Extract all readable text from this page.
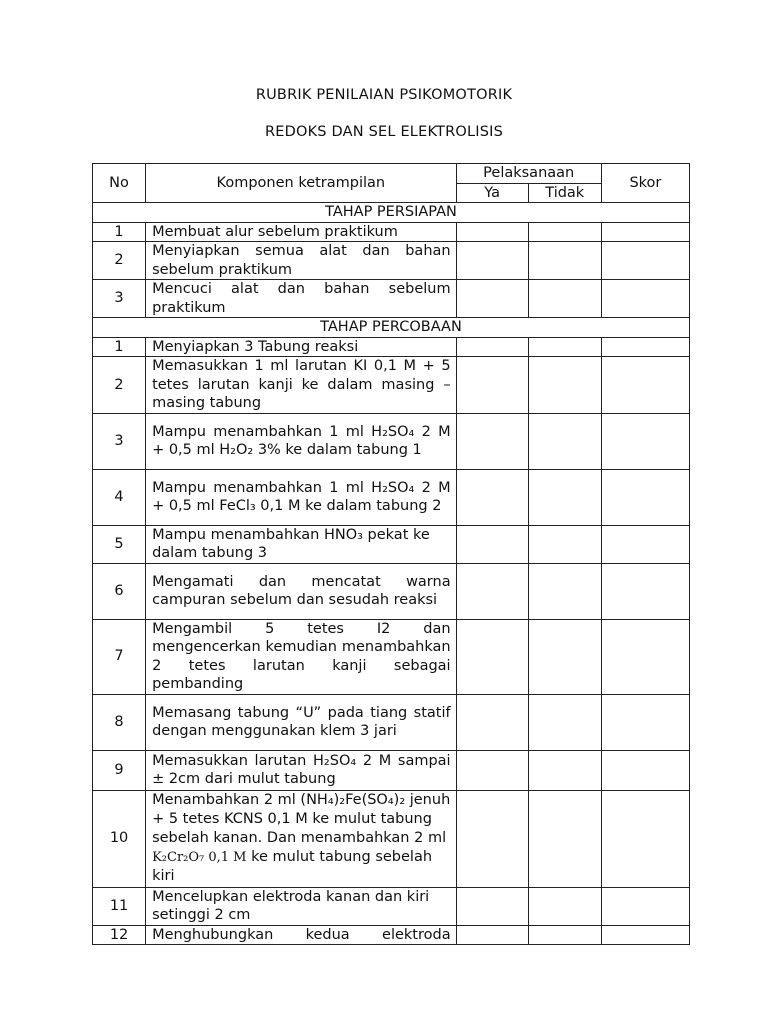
RUBRIK PENILAIAN PSIKOMOTORIK
REDOKS DAN SEL ELEKTROLISIS
No	Komponen ketrampilan	Pelaksanaan		Skor
		Ya	Tidak	
TAHAP PERSIAPAN				
1	Membuat alur sebelum praktikum			
2	Menyiapkan semua alat dan bahan sebelum praktikum			
3	Mencuci alat dan bahan sebelum praktikum			
TAHAP PERCOBAAN				
1	Menyiapkan 3 Tabung reaksi			
2	Memasukkan 1 ml larutan KI 0,1 M + 5 tetes larutan kanji ke dalam masing – masing tabung			
3	Mampu menambahkan 1 ml H₂SO₄ 2 M + 0,5 ml H₂O₂ 3% ke dalam tabung 1			
4	Mampu menambahkan 1 ml H₂SO₄ 2 M + 0,5 ml FeCl₃ 0,1 M ke dalam tabung 2			
5	Mampu menambahkan HNO₃ pekat ke dalam tabung 3			
6	Mengamati dan mencatat warna campuran sebelum dan sesudah reaksi			
7	Mengambil 5 tetes I2 dan mengencerkan kemudian menambahkan 2 tetes larutan kanji sebagai pembanding			
8	Memasang tabung “U” pada tiang statif dengan menggunakan klem 3 jari			
9	Memasukkan larutan H₂SO₄ 2 M sampai ± 2cm dari mulut tabung			
10	Menambahkan 2 ml (NH₄)₂Fe(SO₄)₂ jenuh + 5 tetes KCNS 0,1 M ke mulut tabung sebelah kanan. Dan menambahkan 2 ml K₂Cr₂O₇ 0,1 M ke mulut tabung sebelah kiri			
11	Mencelupkan elektroda kanan dan kiri setinggi 2 cm			
12	Menghubungkan kedua elektroda			
